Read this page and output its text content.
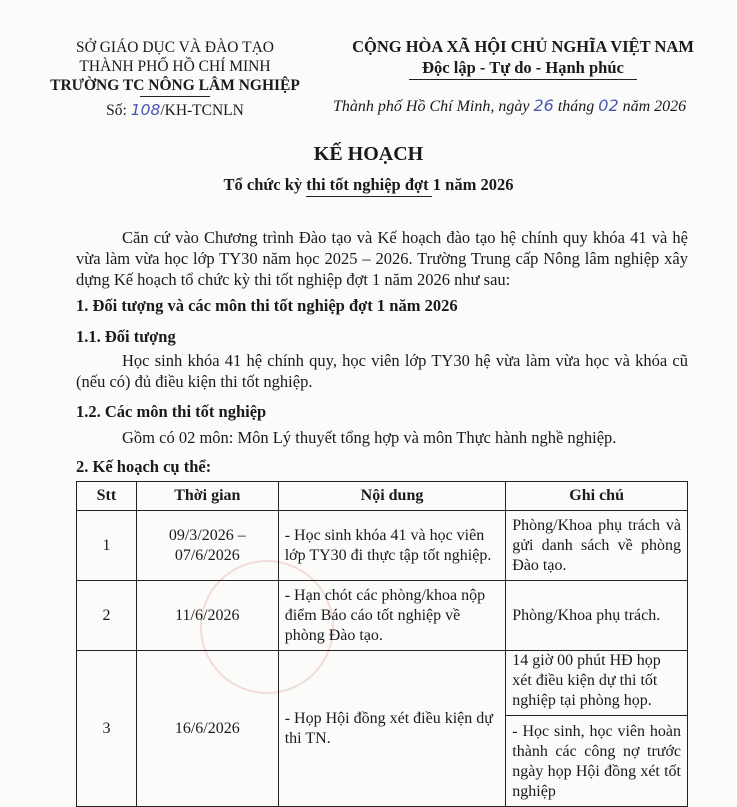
SỞ GIÁO DỤC VÀ ĐÀO TẠO
THÀNH PHỐ HỒ CHÍ MINH
TRƯỜNG TC NÔNG LÂM NGHIỆP
Số: 108/KH-TCNLN
CỘNG HÒA XÃ HỘI CHỦ NGHĨA VIỆT NAM
Độc lập - Tự do - Hạnh phúc
Thành phố Hồ Chí Minh, ngày 26 tháng 02 năm 2026
KẾ HOẠCH
Tổ chức kỳ thi tốt nghiệp đợt 1 năm 2026
Căn cứ vào Chương trình Đào tạo và Kế hoạch đào tạo hệ chính quy khóa 41 và hệ vừa làm vừa học lớp TY30 năm học 2025 – 2026. Trường Trung cấp Nông lâm nghiệp xây dựng Kế hoạch tổ chức kỳ thi tốt nghiệp đợt 1 năm 2026 như sau:
1. Đối tượng và các môn thi tốt nghiệp đợt 1 năm 2026
1.1. Đối tượng
Học sinh khóa 41 hệ chính quy, học viên lớp TY30 hệ vừa làm vừa học và khóa cũ (nếu có) đủ điều kiện thi tốt nghiệp.
1.2. Các môn thi tốt nghiệp
Gồm có 02 môn: Môn Lý thuyết tổng hợp và môn Thực hành nghề nghiệp.
2. Kế hoạch cụ thể:
Stt	Thời gian	Nội dung	Ghi chú
1	09/3/2026 – 07/6/2026	- Học sinh khóa 41 và học viên lớp TY30 đi thực tập tốt nghiệp.	Phòng/Khoa phụ trách và gửi danh sách về phòng Đào tạo.
2	11/6/2026	- Hạn chót các phòng/khoa nộp điểm Báo cáo tốt nghiệp về phòng Đào tạo.	Phòng/Khoa phụ trách.
3	16/6/2026	- Họp Hội đồng xét điều kiện dự thi TN.	14 giờ 00 phút HĐ họp xét điều kiện dự thi tốt nghiệp tại phòng họp.
- Học sinh, học viên hoàn thành các công nợ trước ngày họp Hội đồng xét tốt nghiệp
